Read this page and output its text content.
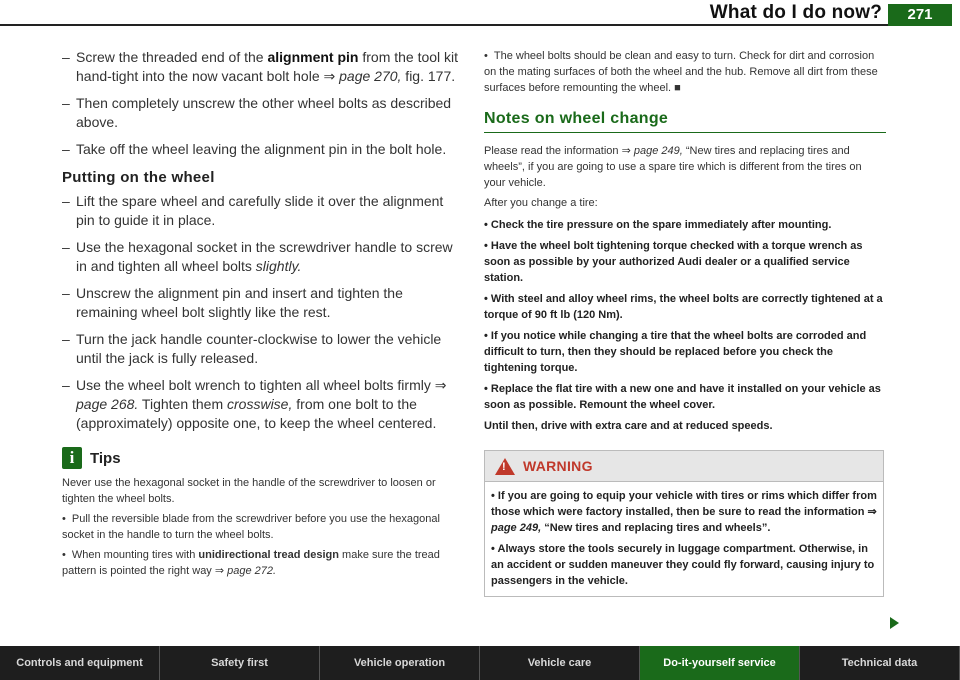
What do I do now?	271
– Screw the threaded end of the alignment pin from the tool kit hand-tight into the now vacant bolt hole ⇒ page 270, fig. 177.
– Then completely unscrew the other wheel bolts as described above.
– Take off the wheel leaving the alignment pin in the bolt hole.
Putting on the wheel
– Lift the spare wheel and carefully slide it over the alignment pin to guide it in place.
– Use the hexagonal socket in the screwdriver handle to screw in and tighten all wheel bolts slightly.
– Unscrew the alignment pin and insert and tighten the remaining wheel bolt slightly like the rest.
– Turn the jack handle counter-clockwise to lower the vehicle until the jack is fully released.
– Use the wheel bolt wrench to tighten all wheel bolts firmly ⇒ page 268. Tighten them crosswise, from one bolt to the (approximately) opposite one, to keep the wheel centered.
i	Tips
Never use the hexagonal socket in the handle of the screwdriver to loosen or tighten the wheel bolts.
• Pull the reversible blade from the screwdriver before you use the hexagonal socket in the handle to turn the wheel bolts.
• When mounting tires with unidirectional tread design make sure the tread pattern is pointed the right way ⇒ page 272.
• The wheel bolts should be clean and easy to turn. Check for dirt and corrosion on the mating surfaces of both the wheel and the hub. Remove all dirt from these surfaces before remounting the wheel. ■
Notes on wheel change
Please read the information ⇒ page 249, “New tires and replacing tires and wheels”, if you are going to use a spare tire which is different from the tires on your vehicle.
After you change a tire:
• Check the tire pressure on the spare immediately after mounting.
• Have the wheel bolt tightening torque checked with a torque wrench as soon as possible by your authorized Audi dealer or a qualified service station.
• With steel and alloy wheel rims, the wheel bolts are correctly tightened at a torque of 90 ft lb (120 Nm).
• If you notice while changing a tire that the wheel bolts are corroded and difficult to turn, then they should be replaced before you check the tightening torque.
• Replace the flat tire with a new one and have it installed on your vehicle as soon as possible. Remount the wheel cover.
Until then, drive with extra care and at reduced speeds.
! WARNING
• If you are going to equip your vehicle with tires or rims which differ from those which were factory installed, then be sure to read the information ⇒ page 249, “New tires and replacing tires and wheels”.
• Always store the tools securely in luggage compartment. Otherwise, in an accident or sudden maneuver they could fly forward, causing injury to passengers in the vehicle.
Controls and equipment	Safety first	Vehicle operation	Vehicle care	Do-it-yourself service	Technical data
